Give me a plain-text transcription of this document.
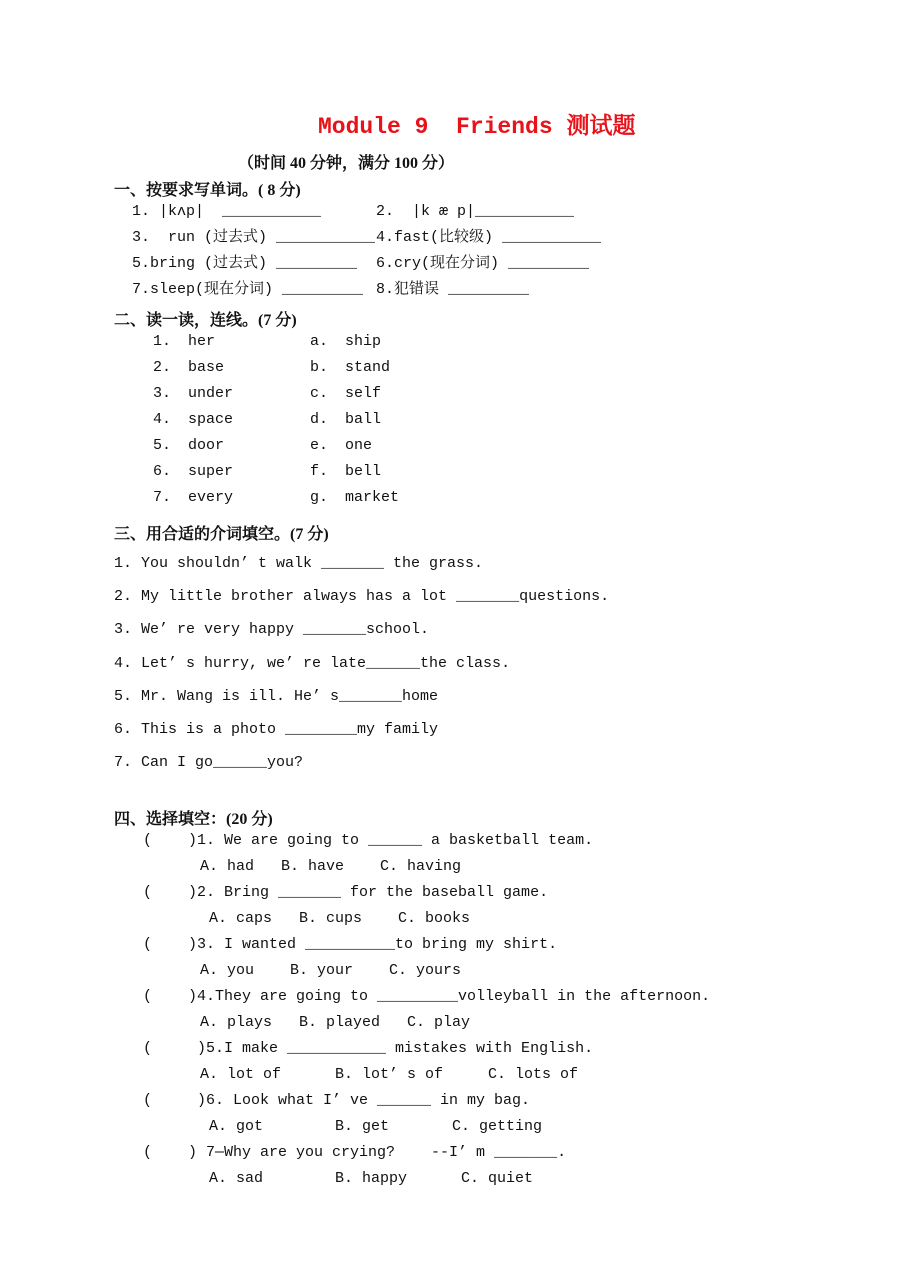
Module 9  Friends 测试题
（时间 40 分钟，满分 100 分）
一、按要求写单词。( 8 分)
二、读一读，连线。(7 分)
三、用合适的介词填空。(7 分)
四、选择填空：(20 分)
1. |kʌp|  ___________	2.  |k æ p|___________
3.  run (过去式) ___________ 4.fast(比较级) ___________
5.bring (过去式) _________ 6.cry(现在分词) _________
7.sleep(现在分词) _________ 8.犯错误 _________
1. her	a. ship
2. base	b. stand
3. under	c. self
4. space	d. ball
5. door	e. one
6. super	f. bell
7. every	g. market
1. You shouldn’ t walk _______ the grass.
2. My little brother always has a lot _______questions.
3. We’ re very happy _______school.
4. Let’ s hurry, we’ re late______the class.
5. Mr. Wang is ill. He’ s_______home
6. This is a photo ________my family
7. Can I go______you?
(    )1. We are going to ______ a basketball team.
A. had   B. have    C. having
(    )2. Bring _______ for the baseball game.
A. caps   B. cups    C. books
(    )3. I wanted __________to bring my shirt.
A. you    B. your    C. yours
(    )4.They are going to _________volleyball in the afternoon.
A. plays   B. played   C. play
(     )5.I make ___________ mistakes with English.
A. lot of      B. lot’ s of     C. lots of
(     )6. Look what I’ ve ______ in my bag.
A. got        B. get       C. getting
(    ) 7—Why are you crying?    --I’ m _______.
A. sad        B. happy      C. quiet
